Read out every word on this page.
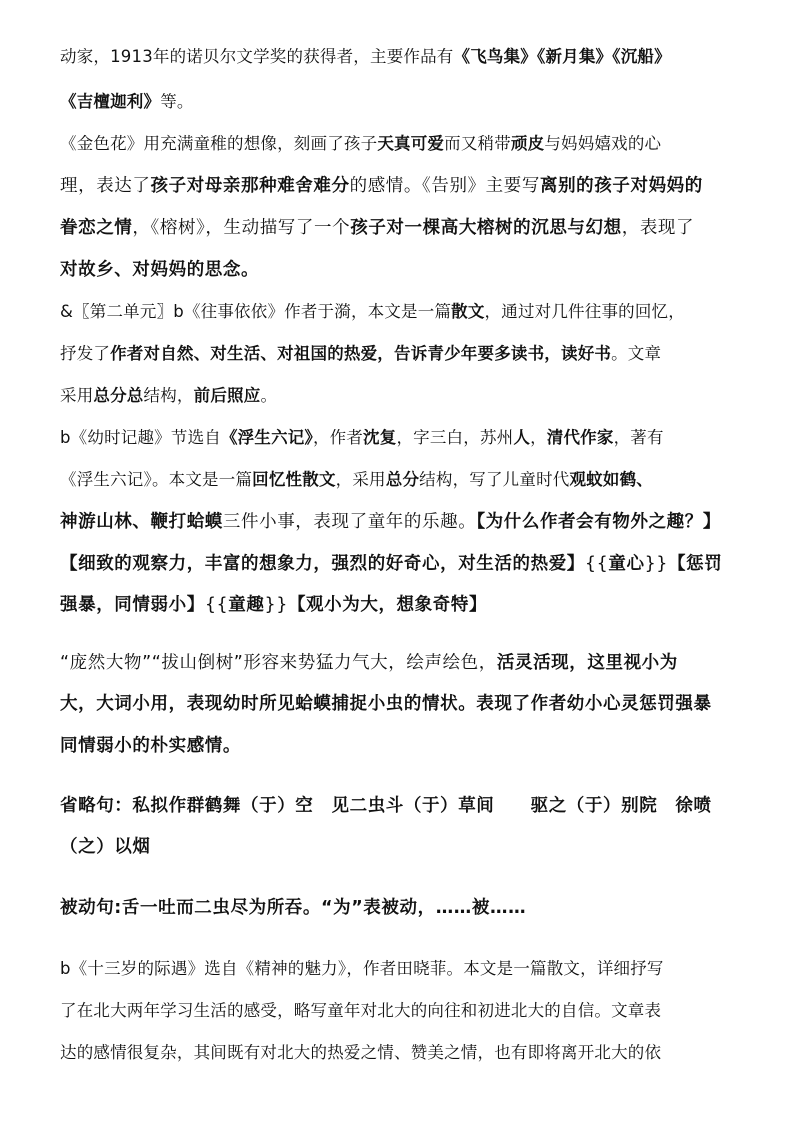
动家，1913年的诺贝尔文学奖的获得者，主要作品有《飞鸟集》《新月集》《沉船》
《吉檀迦利》等。
《金色花》用充满童稚的想像，刻画了孩子天真可爱而又稍带顽皮与妈妈嬉戏的心
理，表达了孩子对母亲那种难舍难分的感情。《告别》主要写离别的孩子对妈妈的
眷恋之情，《榕树》，生动描写了一个孩子对一棵高大榕树的沉思与幻想，表现了
对故乡、对妈妈的思念。
&〖第二单元〗b《往事依依》作者于漪，本文是一篇散文，通过对几件往事的回忆，
抒发了作者对自然、对生活、对祖国的热爱，告诉青少年要多读书，读好书。文章
采用总分总结构，前后照应。
b《幼时记趣》节选自《浮生六记》，作者沈复，字三白，苏州人，清代作家，著有
《浮生六记》。本文是一篇回忆性散文，采用总分结构，写了儿童时代观蚊如鹤、
神游山林、鞭打蛤蟆三件小事，表现了童年的乐趣。【为什么作者会有物外之趣？】
【细致的观察力，丰富的想象力，强烈的好奇心，对生活的热爱】{{童心}}【惩罚
强暴，同情弱小】{{童趣}}【观小为大，想象奇特】
“庞然大物”“拔山倒树”形容来势猛力气大，绘声绘色，活灵活现，这里视小为
大，大词小用，表现幼时所见蛤蟆捕捉小虫的情状。表现了作者幼小心灵惩罚强暴
同情弱小的朴实感情。
省略句：私拟作群鹤舞（于）空　见二虫斗（于）草间　　驱之（于）别院　徐喷
（之）以烟
被动句:舌一吐而二虫尽为所吞。“为”表被动，……被……
b《十三岁的际遇》选自《精神的魅力》，作者田晓菲。本文是一篇散文，详细抒写
了在北大两年学习生活的感受，略写童年对北大的向往和初进北大的自信。文章表
达的感情很复杂，其间既有对北大的热爱之情、赞美之情，也有即将离开北大的依
